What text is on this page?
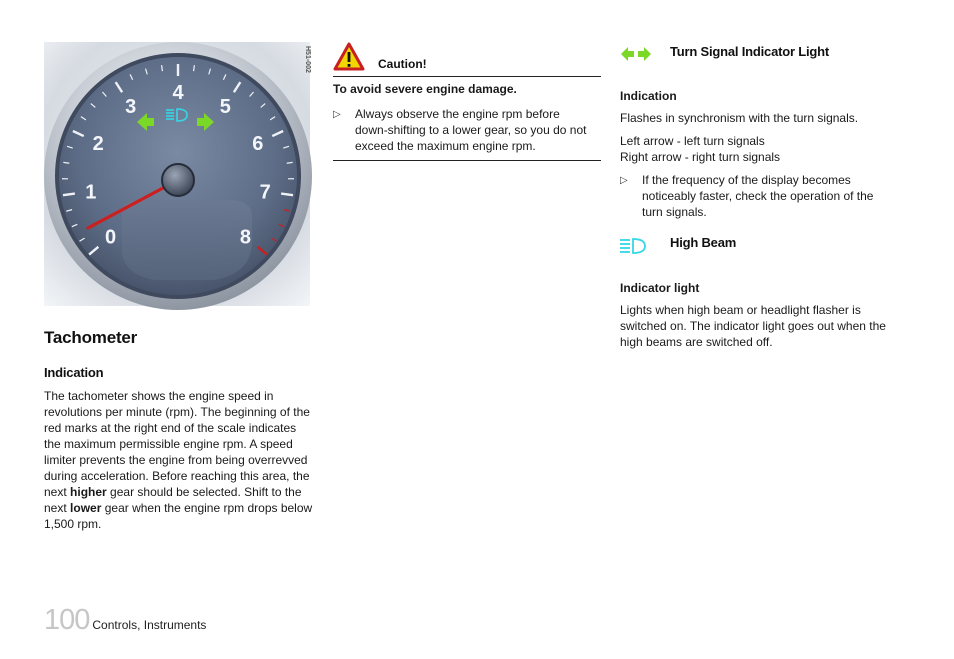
0
1
2
3
4
5
6
7
8
H51-002
Tachometer
Indication
The tachometer shows the engine speed in revolutions per minute (rpm). The beginning of the red marks at the right end of the scale indicates the maximum permissible engine rpm. A speed limiter prevents the engine from being overrevved during acceleration. Before reaching this area, the next higher gear should be selected. Shift to the next lower gear when the engine rpm drops below 1,500 rpm.
Caution!
To avoid severe engine damage.
▷	Always observe the engine rpm before down-shifting to a lower gear, so you do not exceed the maximum engine rpm.
Turn Signal Indicator Light
Indication
Flashes in synchronism with the turn signals.
Left arrow - left turn signals
Right arrow - right turn signals
▷	If the frequency of the display becomes noticeably faster, check the operation of the turn signals.
High Beam
Indicator light
Lights when high beam or headlight flasher is switched on. The indicator light goes out when the high beams are switched off.
100 Controls, Instruments
